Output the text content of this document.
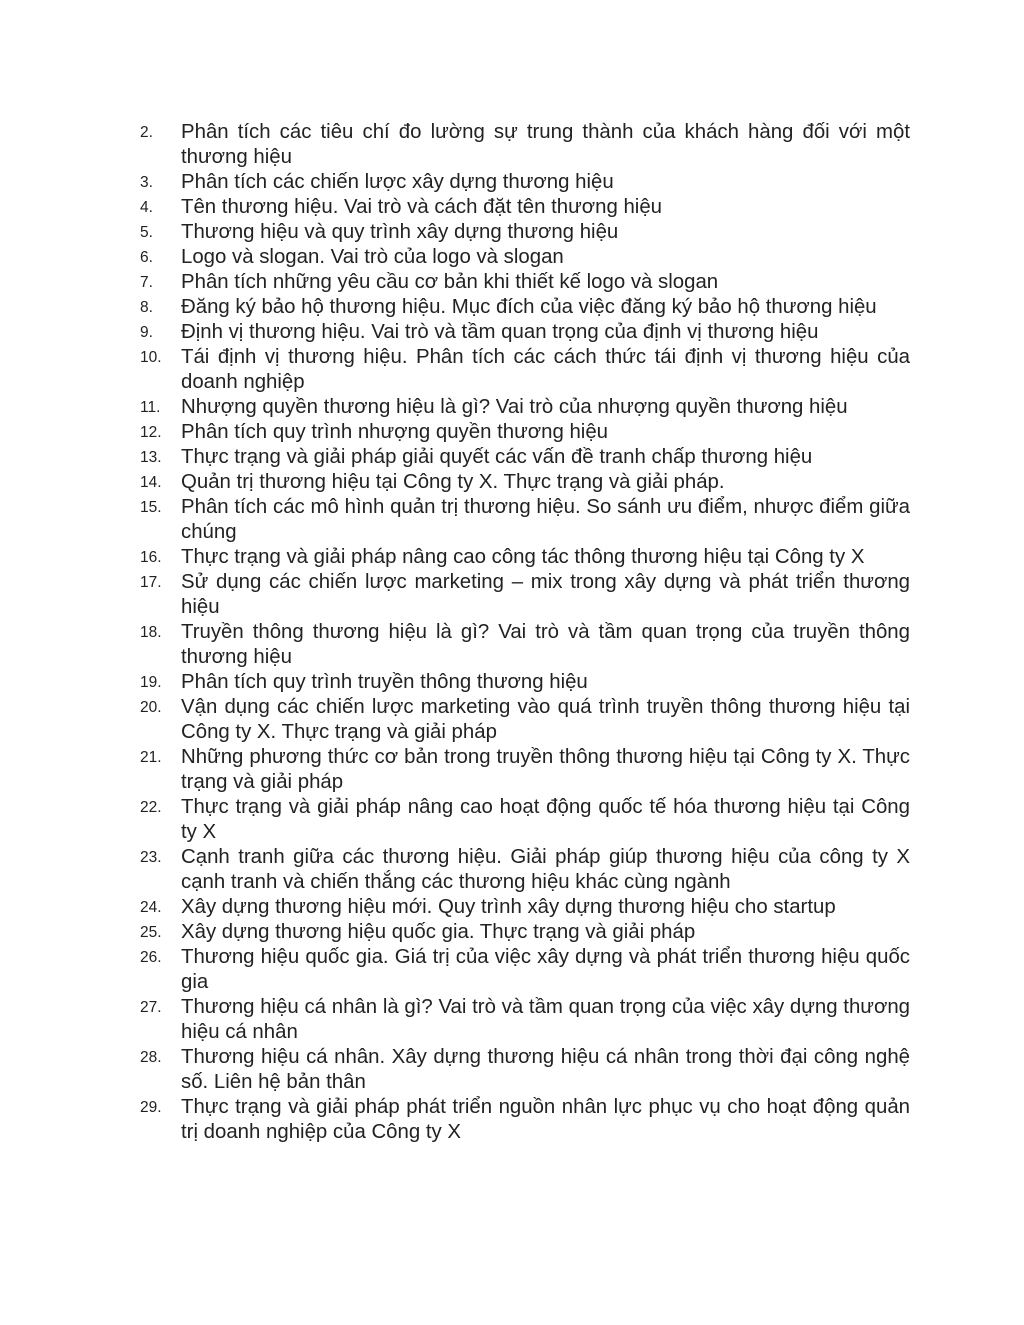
2.	Phân tích các tiêu chí đo lường sự trung thành của khách hàng đối với một thương hiệu
3.	Phân tích các chiến lược xây dựng thương hiệu
4.	Tên thương hiệu. Vai trò và cách đặt tên thương hiệu
5.	Thương hiệu và quy trình xây dựng thương hiệu
6.	Logo và slogan. Vai trò của logo và slogan
7.	Phân tích những yêu cầu cơ bản khi thiết kế logo và slogan
8.	Đăng ký bảo hộ thương hiệu. Mục đích của việc đăng ký bảo hộ thương hiệu
9.	Định vị thương hiệu. Vai trò và tầm quan trọng của định vị thương hiệu
10. Tái định vị thương hiệu. Phân tích các cách thức tái định vị thương hiệu của doanh nghiệp
11.	Nhượng quyền thương hiệu là gì? Vai trò của nhượng quyền thương hiệu
12. Phân tích quy trình nhượng quyền thương hiệu
13. Thực trạng và giải pháp giải quyết các vấn đề tranh chấp thương hiệu
14. Quản trị thương hiệu tại Công ty X. Thực trạng và giải pháp.
15. Phân tích các mô hình quản trị thương hiệu. So sánh ưu điểm, nhược điểm giữa chúng
16. Thực trạng và giải pháp nâng cao công tác thông thương hiệu tại Công ty X
17. Sử dụng các chiến lược marketing – mix trong xây dựng và phát triển thương hiệu
18. Truyền thông thương hiệu là gì? Vai trò và tầm quan trọng của truyền thông thương hiệu
19. Phân tích quy trình truyền thông thương hiệu
20. Vận dụng các chiến lược marketing vào quá trình truyền thông thương hiệu tại Công ty X. Thực trạng và giải pháp
21. Những phương thức cơ bản trong truyền thông thương hiệu tại Công ty X. Thực trạng và giải pháp
22. Thực trạng và giải pháp nâng cao hoạt động quốc tế hóa thương hiệu tại Công ty X
23. Cạnh tranh giữa các thương hiệu. Giải pháp giúp thương hiệu của công ty X cạnh tranh và chiến thắng các thương hiệu khác cùng ngành
24. Xây dựng thương hiệu mới. Quy trình xây dựng thương hiệu cho startup
25. Xây dựng thương hiệu quốc gia. Thực trạng và giải pháp
26. Thương hiệu quốc gia. Giá trị của việc xây dựng và phát triển thương hiệu quốc gia
27. Thương hiệu cá nhân là gì? Vai trò và tầm quan trọng của việc xây dựng thương hiệu cá nhân
28. Thương hiệu cá nhân. Xây dựng thương hiệu cá nhân trong thời đại công nghệ số. Liên hệ bản thân
29. Thực trạng và giải pháp phát triển nguồn nhân lực phục vụ cho hoạt động quản trị doanh nghiệp của Công ty X
